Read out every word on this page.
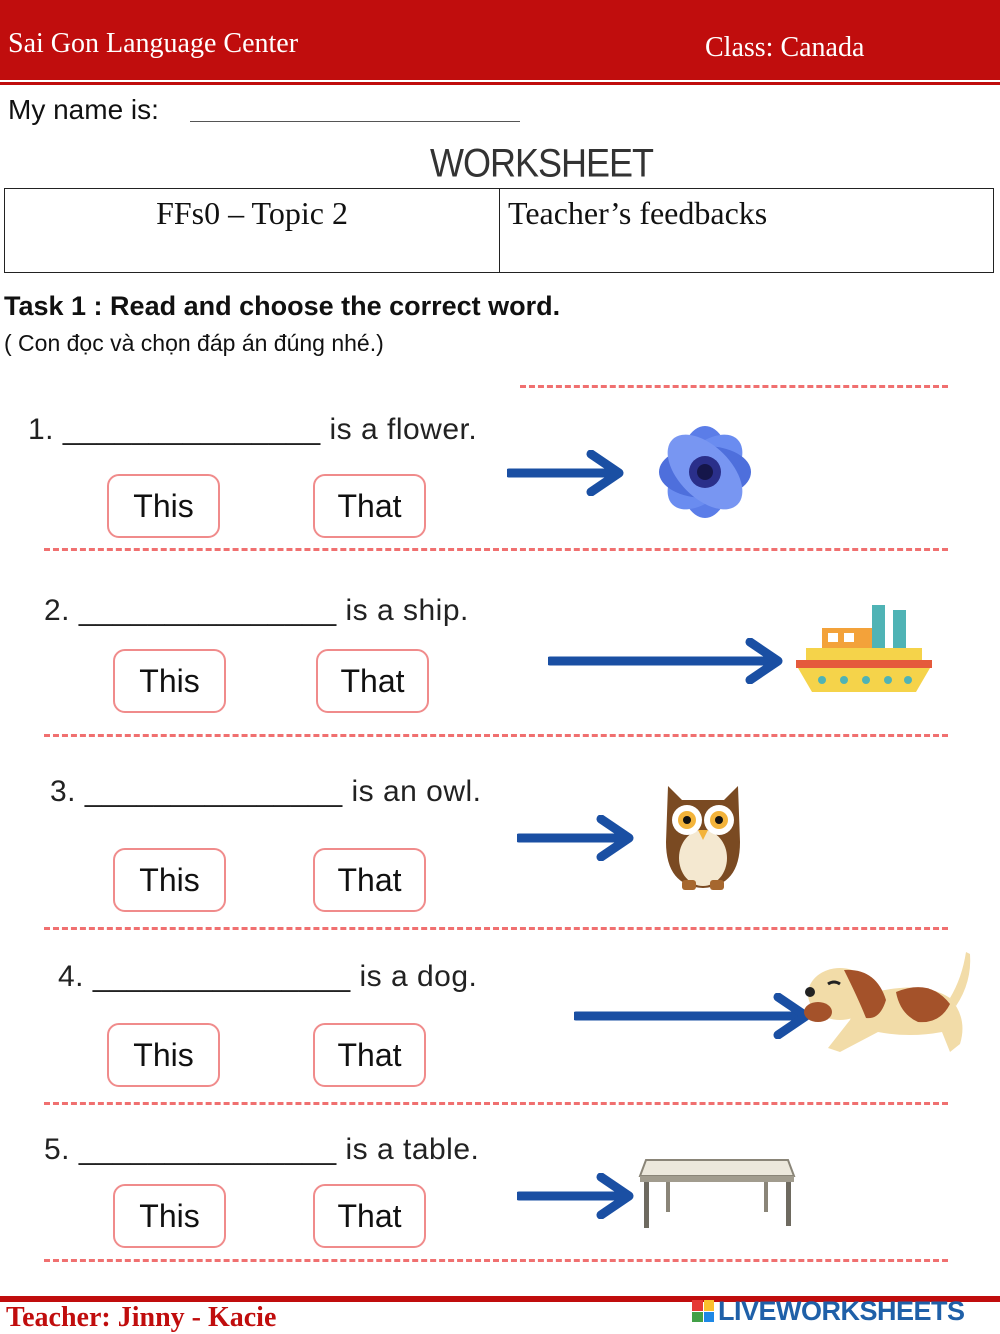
Sai Gon Language Center	Class: Canada
My name is:
WORKSHEET
FFs0 – Topic 2	Teacher’s feedbacks
Task 1 : Read and choose the correct word.
( Con đọc và chọn đáp án đúng nhé.)
1. _______________ is a flower.
This	That
2. _______________ is a ship.
This	That
3. _______________ is an owl.
This	That
4. _______________ is a dog.
This	That
5. _______________ is a table.
This	That
Teacher: Jinny - Kacie	LIVEWORKSHEETS
